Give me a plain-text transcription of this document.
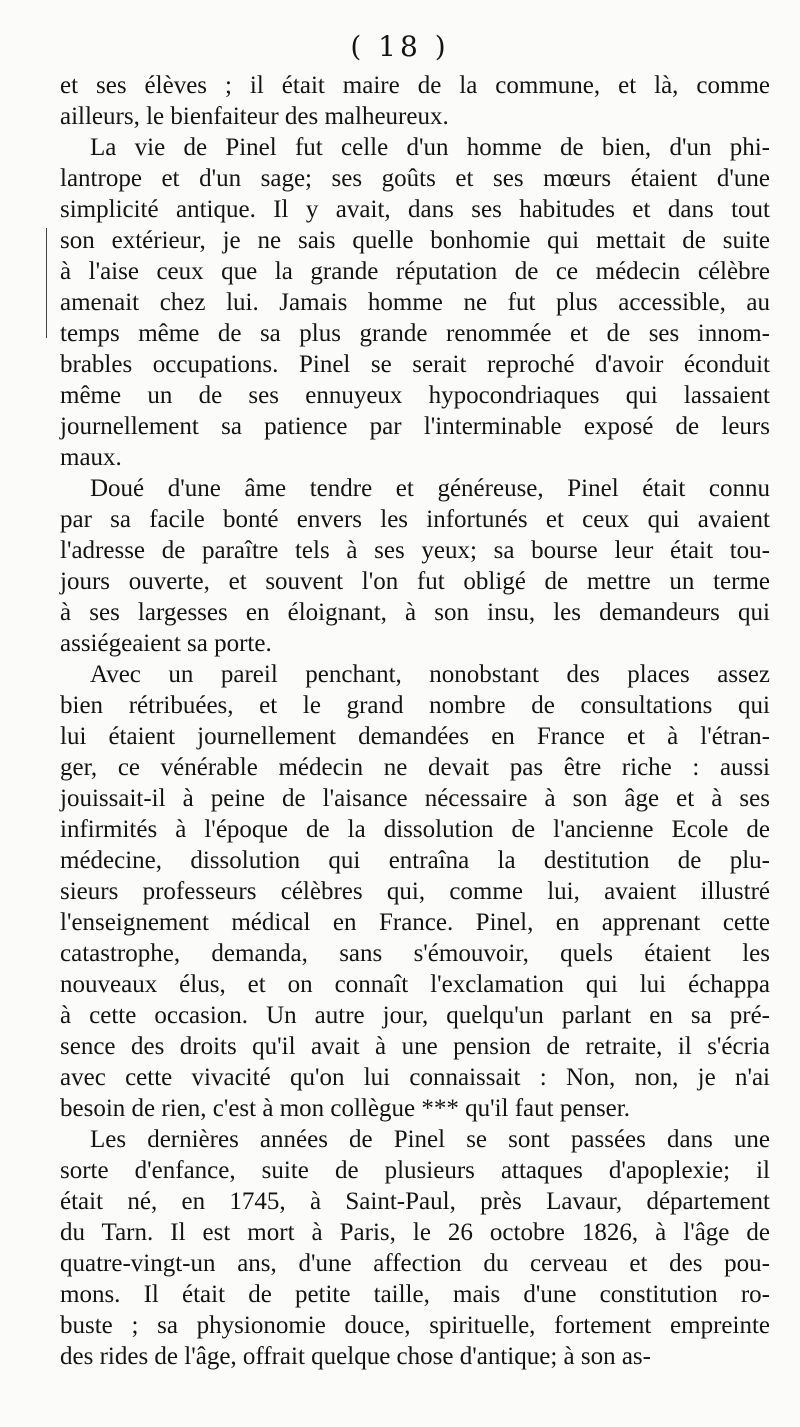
( 18 )
et ses élèves ; il était maire de la commune, et là, comme
ailleurs, le bienfaiteur des malheureux.
La vie de Pinel fut celle d'un homme de bien, d'un phi-
lantrope et d'un sage; ses goûts et ses mœurs étaient d'une
simplicité antique. Il y avait, dans ses habitudes et dans tout
son extérieur, je ne sais quelle bonhomie qui mettait de suite
à l'aise ceux que la grande réputation de ce médecin célèbre
amenait chez lui. Jamais homme ne fut plus accessible, au
temps même de sa plus grande renommée et de ses innom-
brables occupations. Pinel se serait reproché d'avoir éconduit
même un de ses ennuyeux hypocondriaques qui lassaient
journellement sa patience par l'interminable exposé de leurs
maux.
Doué d'une âme tendre et généreuse, Pinel était connu
par sa facile bonté envers les infortunés et ceux qui avaient
l'adresse de paraître tels à ses yeux; sa bourse leur était tou-
jours ouverte, et souvent l'on fut obligé de mettre un terme
à ses largesses en éloignant, à son insu, les demandeurs qui
assiégeaient sa porte.
Avec un pareil penchant, nonobstant des places assez
bien rétribuées, et le grand nombre de consultations qui
lui étaient journellement demandées en France et à l'étran-
ger, ce vénérable médecin ne devait pas être riche : aussi
jouissait-il à peine de l'aisance nécessaire à son âge et à ses
infirmités à l'époque de la dissolution de l'ancienne Ecole de
médecine, dissolution qui entraîna la destitution de plu-
sieurs professeurs célèbres qui, comme lui, avaient illustré
l'enseignement médical en France. Pinel, en apprenant cette
catastrophe, demanda, sans s'émouvoir, quels étaient les
nouveaux élus, et on connaît l'exclamation qui lui échappa
à cette occasion. Un autre jour, quelqu'un parlant en sa pré-
sence des droits qu'il avait à une pension de retraite, il s'écria
avec cette vivacité qu'on lui connaissait : Non, non, je n'ai
besoin de rien, c'est à mon collègue *** qu'il faut penser.
Les dernières années de Pinel se sont passées dans une
sorte d'enfance, suite de plusieurs attaques d'apoplexie; il
était né, en 1745, à Saint-Paul, près Lavaur, département
du Tarn. Il est mort à Paris, le 26 octobre 1826, à l'âge de
quatre-vingt-un ans, d'une affection du cerveau et des pou-
mons. Il était de petite taille, mais d'une constitution ro-
buste ; sa physionomie douce, spirituelle, fortement empreinte
des rides de l'âge, offrait quelque chose d'antique; à son as-
